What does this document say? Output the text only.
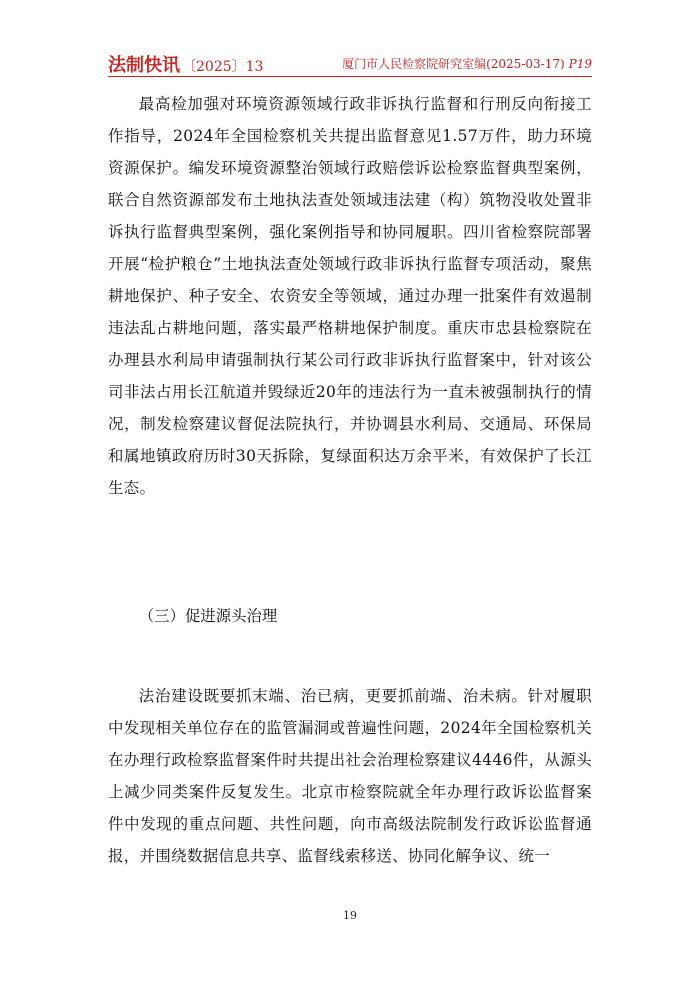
法制快讯 〔2025〕13	厦门市人民检察院研究室编(2025-03-17) P19

最高检加强对环境资源领域行政非诉执行监督和行刑反向衔接工作指导，2024年全国检察机关共提出监督意见1.57万件，助力环境资源保护。编发环境资源整治领域行政赔偿诉讼检察监督典型案例，联合自然资源部发布土地执法查处领域违法建（构）筑物没收处置非诉执行监督典型案例，强化案例指导和协同履职。四川省检察院部署开展“检护粮仓”土地执法查处领域行政非诉执行监督专项活动，聚焦耕地保护、种子安全、农资安全等领域，通过办理一批案件有效遏制违法乱占耕地问题，落实最严格耕地保护制度。重庆市忠县检察院在办理县水利局申请强制执行某公司行政非诉执行监督案中，针对该公司非法占用长江航道并毁绿近20年的违法行为一直未被强制执行的情况，制发检察建议督促法院执行，并协调县水利局、交通局、环保局和属地镇政府历时30天拆除，复绿面积达万余平米，有效保护了长江生态。

（三）促进源头治理

法治建设既要抓末端、治已病，更要抓前端、治未病。针对履职中发现相关单位存在的监管漏洞或普遍性问题，2024年全国检察机关在办理行政检察监督案件时共提出社会治理检察建议4446件，从源头上减少同类案件反复发生。北京市检察院就全年办理行政诉讼监督案件中发现的重点问题、共性问题，向市高级法院制发行政诉讼监督通报，并围绕数据信息共享、监督线索移送、协同化解争议、统一

19
